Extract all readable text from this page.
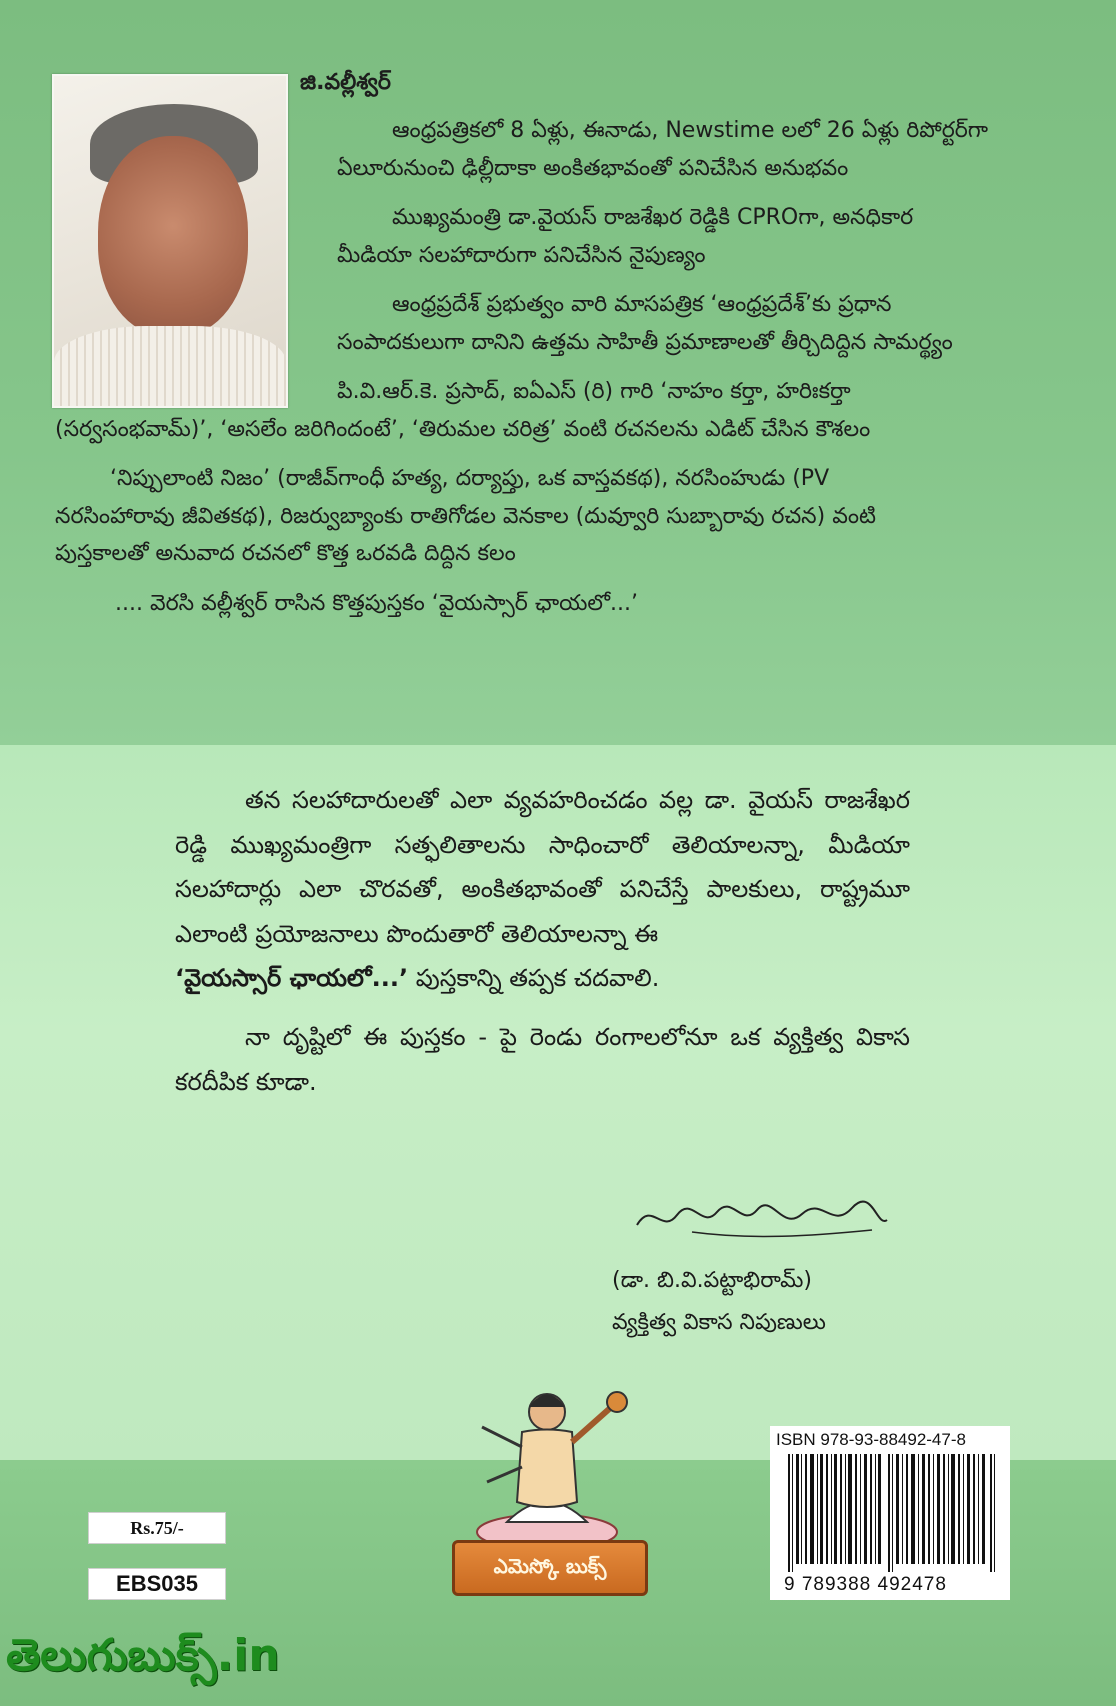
జి.వల్లీశ్వర్

ఆంధ్రపత్రికలో 8 ఏళ్లు, ఈనాడు, Newstime లలో 26 ఏళ్లు రిపోర్టర్‌గా

ఏలూరునుంచి ఢిల్లీదాకా అంకితభావంతో పనిచేసిన అనుభవం

ముఖ్యమంత్రి డా.వైయస్ రాజశేఖర రెడ్డికి CPROగా, అనధికార

మీడియా సలహాదారుగా పనిచేసిన నైపుణ్యం

ఆంధ్రప్రదేశ్ ప్రభుత్వం వారి మాసపత్రిక ‘ఆంధ్రప్రదేశ్’కు ప్రధాన

సంపాదకులుగా దానిని ఉత్తమ సాహితీ ప్రమాణాలతో తీర్చిదిద్దిన సామర్థ్యం

పి.వి.ఆర్.కె. ప్రసాద్, ఐఏఎస్ (రి) గారి ‘నాహం కర్తా, హరిఃకర్తా

(సర్వసంభవామ్)’, ‘అసలేం జరిగిందంటే’, ‘తిరుమల చరిత్ర’ వంటి రచనలను ఎడిట్ చేసిన కౌశలం

‘నిప్పులాంటి నిజం’ (రాజీవ్‌గాంధీ హత్య, దర్యాప్తు, ఒక వాస్తవకథ), నరసింహుడు (PV

నరసింహారావు జీవితకథ), రిజర్వుబ్యాంకు రాతిగోడల వెనకాల (దువ్వూరి సుబ్బారావు రచన) వంటి

పుస్తకాలతో అనువాద రచనలో కొత్త ఒరవడి దిద్దిన కలం

.... వెరసి వల్లీశ్వర్ రాసిన కొత్తపుస్తకం ‘వైయస్సార్ ఛాయలో...’

తన సలహాదారులతో ఎలా వ్యవహరించడం వల్ల డా. వైయస్ రాజశేఖర రెడ్డి ముఖ్యమంత్రిగా సత్ఫలితాలను సాధించారో తెలియాలన్నా, మీడియా సలహాదార్లు ఎలా చొరవతో, అంకితభావంతో పనిచేస్తే పాలకులు, రాష్ట్రమూ ఎలాంటి ప్రయోజనాలు పొందుతారో తెలియాలన్నా ఈ
‘వైయస్సార్ ఛాయలో...’ పుస్తకాన్ని తప్పక చదవాలి.

నా దృష్టిలో ఈ పుస్తకం - పై రెండు రంగాలలోనూ ఒక వ్యక్తిత్వ వికాస కరదీపిక కూడా.

(డా. బి.వి.పట్టాభిరామ్)
వ్యక్తిత్వ వికాస నిపుణులు
ఎమెస్కో బుక్స్
ISBN 978-93-88492-47-8
9 789388 492478
Rs.75/-
EBS035
తెలుగుబుక్స్.in
